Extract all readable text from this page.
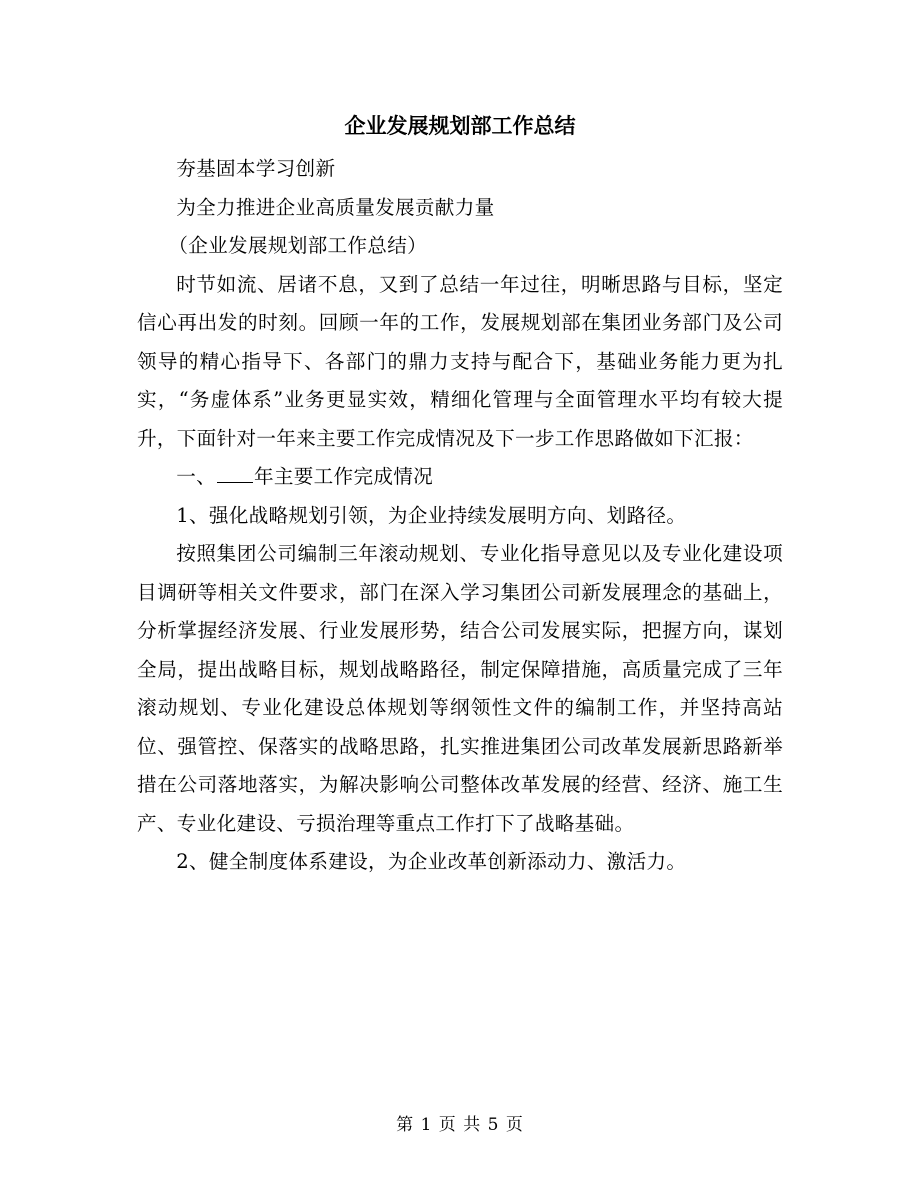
企业发展规划部工作总结

夯基固本学习创新

为全力推进企业高质量发展贡献力量

（企业发展规划部工作总结）

时节如流、居诸不息，又到了总结一年过往，明晰思路与目标，坚定信心再出发的时刻。回顾一年的工作，发展规划部在集团业务部门及公司领导的精心指导下、各部门的鼎力支持与配合下，基础业务能力更为扎实，“务虚体系”业务更显实效，精细化管理与全面管理水平均有较大提升，下面针对一年来主要工作完成情况及下一步工作思路做如下汇报：

一、 年主要工作完成情况

1、强化战略规划引领，为企业持续发展明方向、划路径。

按照集团公司编制三年滚动规划、专业化指导意见以及专业化建设项目调研等相关文件要求，部门在深入学习集团公司新发展理念的基础上，分析掌握经济发展、行业发展形势，结合公司发展实际，把握方向，谋划全局，提出战略目标，规划战略路径，制定保障措施，高质量完成了三年滚动规划、专业化建设总体规划等纲领性文件的编制工作，并坚持高站位、强管控、保落实的战略思路，扎实推进集团公司改革发展新思路新举措在公司落地落实，为解决影响公司整体改革发展的经营、经济、施工生产、专业化建设、亏损治理等重点工作打下了战略基础。

2、健全制度体系建设，为企业改革创新添动力、激活力。

第 1 页 共 5 页
